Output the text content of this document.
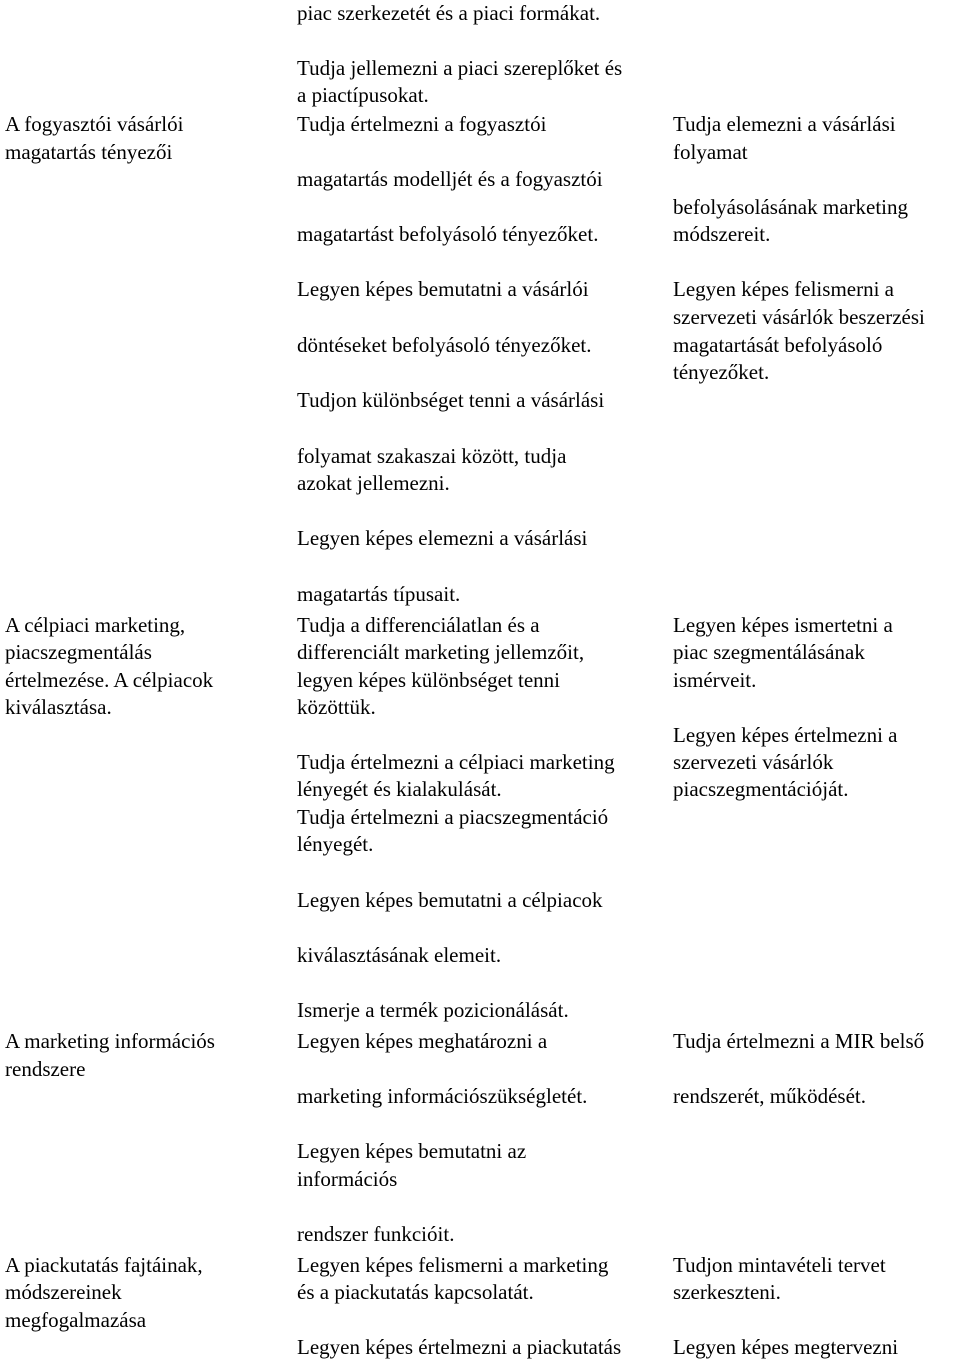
piac szerkezetét és a piaci formákat.

Tudja jellemezni a piaci szereplőket és

a piactípusokat.

A fogyasztói vásárlói

magatartás tényezői

Tudja értelmezni a fogyasztói

magatartás modelljét és a fogyasztói

magatartást befolyásoló tényezőket.

Legyen képes bemutatni a vásárlói

döntéseket befolyásoló tényezőket.

Tudjon különbséget tenni a vásárlási

folyamat szakaszai között, tudja

azokat jellemezni.

Legyen képes elemezni a vásárlási

magatartás típusait.

Tudja elemezni a vásárlási

folyamat

befolyásolásának marketing

módszereit.

Legyen képes felismerni a

szervezeti vásárlók beszerzési

magatartását befolyásoló

tényezőket.

A célpiaci marketing,

piacszegmentálás

értelmezése. A célpiacok

kiválasztása.

Tudja a differenciálatlan és a

differenciált marketing jellemzőit,

legyen képes különbséget tenni

közöttük.

Tudja értelmezni a célpiaci marketing

lényegét és kialakulását.

Tudja értelmezni a piacszegmentáció

lényegét.

Legyen képes bemutatni a célpiacok

kiválasztásának elemeit.

Ismerje a termék pozicionálását.

Legyen képes ismertetni a

piac szegmentálásának

ismérveit.

Legyen képes értelmezni a

szervezeti vásárlók

piacszegmentációját.

A marketing információs

rendszere

Legyen képes meghatározni a

marketing információszükségletét.

Legyen képes bemutatni az

információs

rendszer funkcióit.

Tudja értelmezni a MIR belső

rendszerét, működését.

A piackutatás fajtáinak,

módszereinek

megfogalmazása

Legyen képes felismerni a marketing

és a piackutatás kapcsolatát.

Legyen képes értelmezni a piackutatás

Tudjon mintavételi tervet

szerkeszteni.

Legyen képes megtervezni
